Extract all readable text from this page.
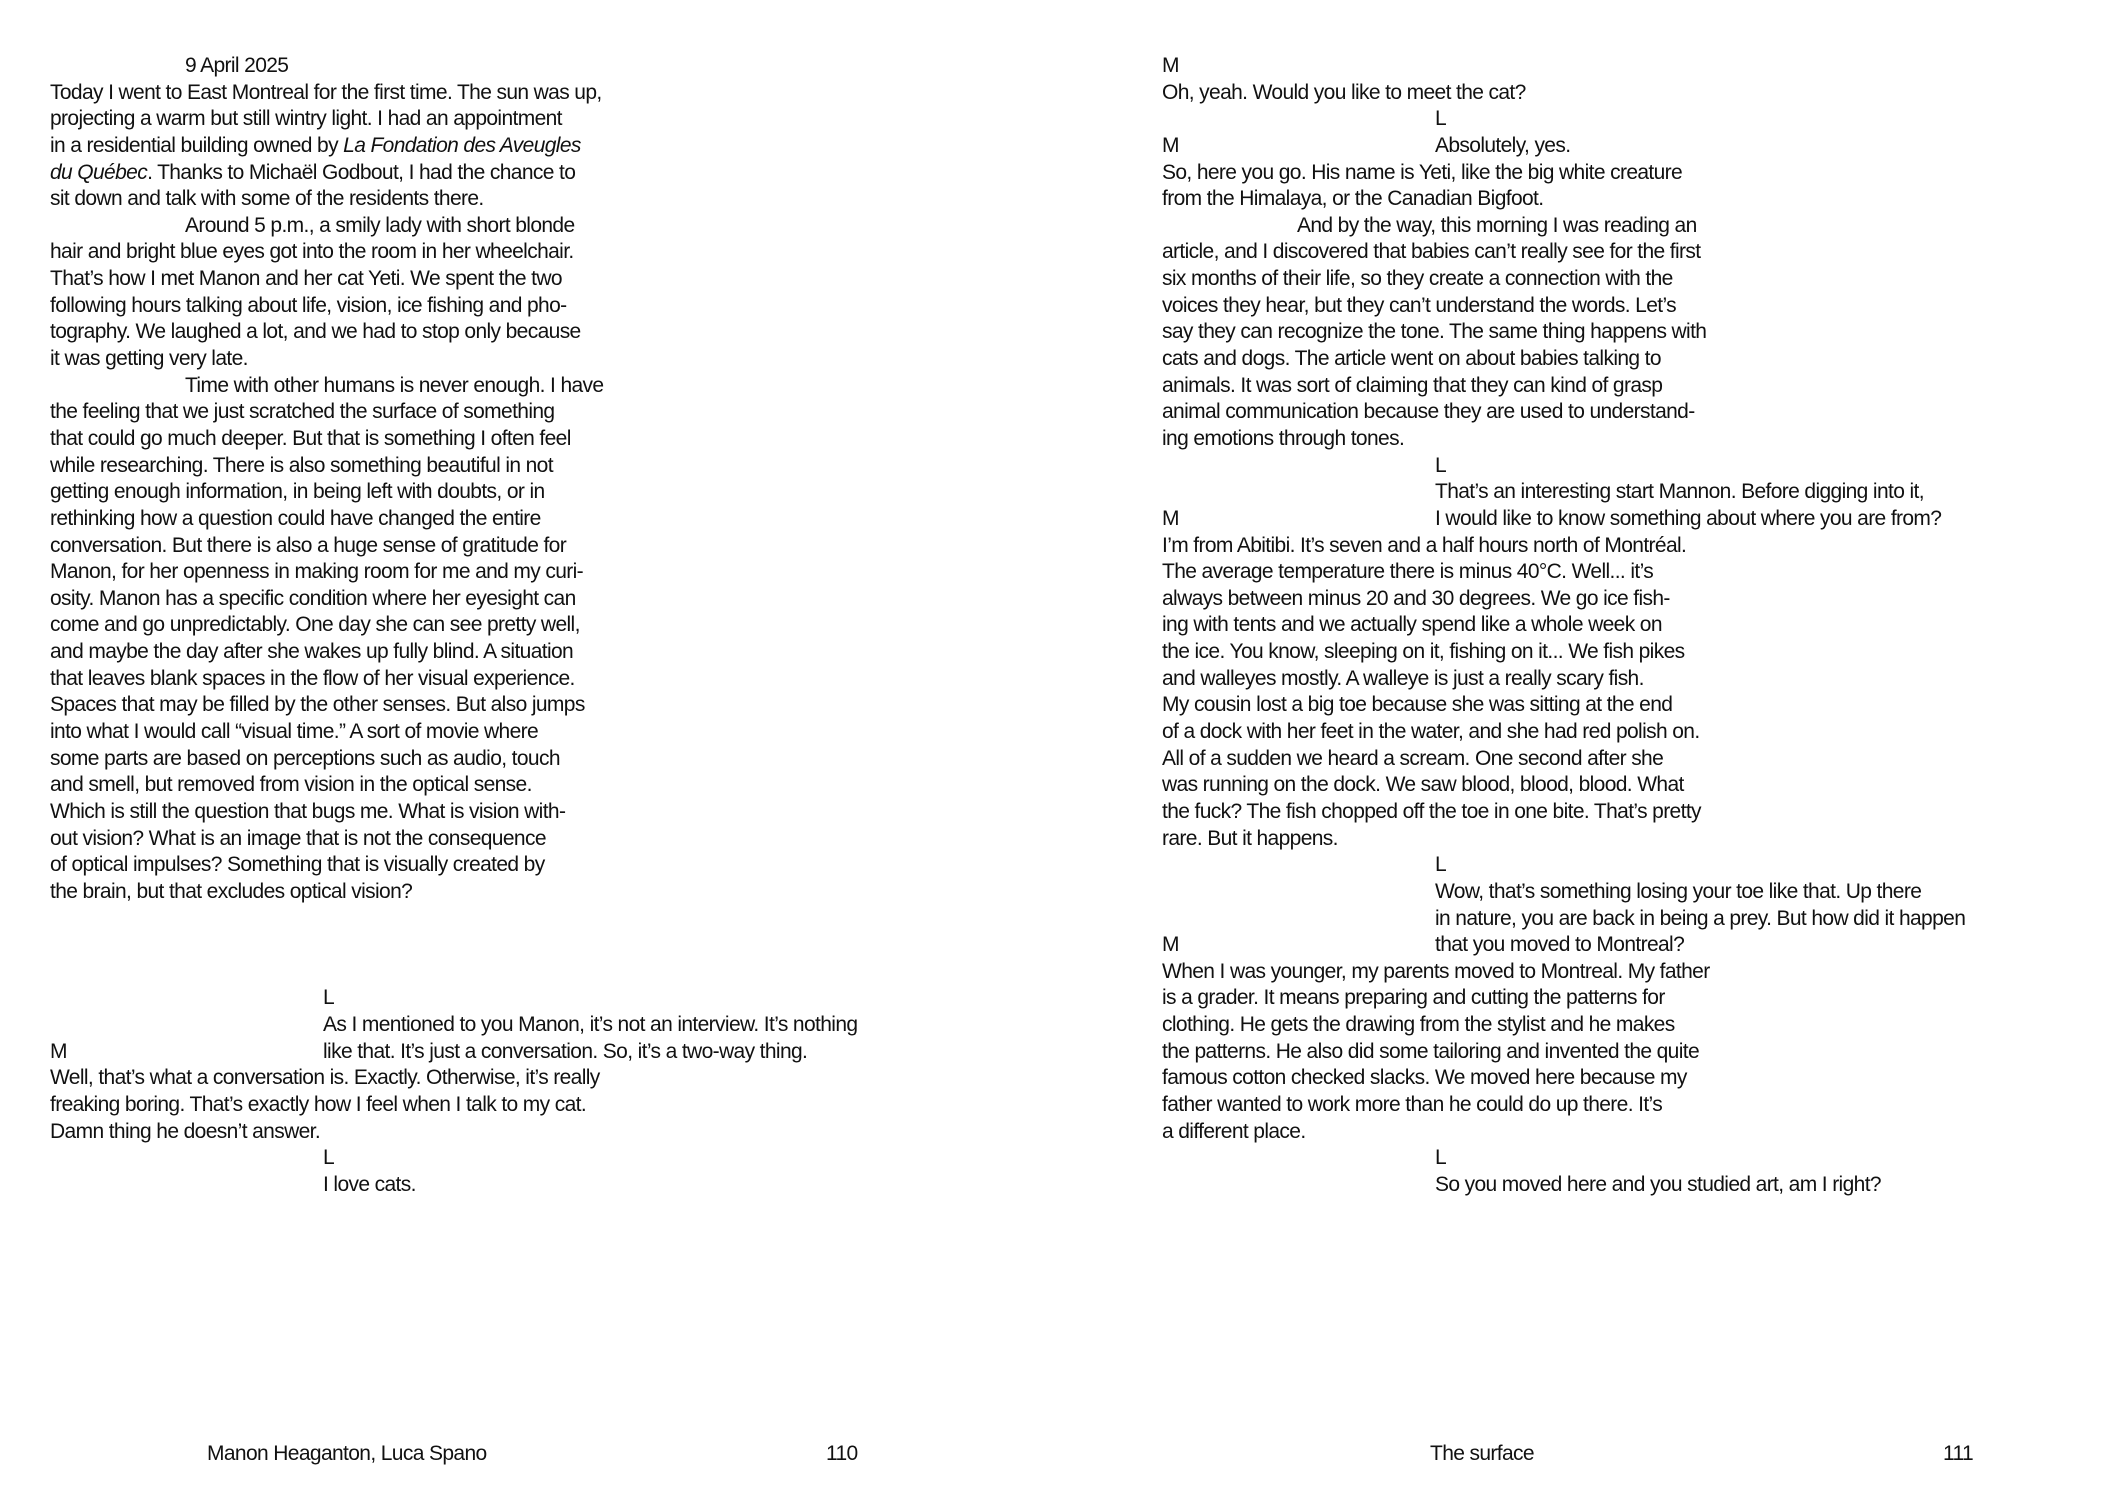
9 April 2025
Today I went to East Montreal for the first time. The sun was up,
projecting a warm but still wintry light. I had an appointment
in a residential building owned by La Fondation des Aveugles
du Québec. Thanks to Michaël Godbout, I had the chance to
sit down and talk with some of the residents there.
Around 5 p.m., a smily lady with short blonde
hair and bright blue eyes got into the room in her wheelchair.
That’s how I met Manon and her cat Yeti. We spent the two
following hours talking about life, vision, ice fishing and pho-
tography. We laughed a lot, and we had to stop only because
it was getting very late.
Time with other humans is never enough. I have
the feeling that we just scratched the surface of something
that could go much deeper. But that is something I often feel
while researching. There is also something beautiful in not
getting enough information, in being left with doubts, or in
rethinking how a question could have changed the entire
conversation. But there is also a huge sense of gratitude for
Manon, for her openness in making room for me and my curi-
osity. Manon has a specific condition where her eyesight can
come and go unpredictably. One day she can see pretty well,
and maybe the day after she wakes up fully blind. A situation
that leaves blank spaces in the flow of her visual experience.
Spaces that may be filled by the other senses. But also jumps
into what I would call “visual time.” A sort of movie where
some parts are based on perceptions such as audio, touch
and smell, but removed from vision in the optical sense.
Which is still the question that bugs me. What is vision with-
out vision? What is an image that is not the consequence
of optical impulses? Something that is visually created by
the brain, but that excludes optical vision?
L
As I mentioned to you Manon, it’s not an interview. It’s nothing
M	like that. It’s just a conversation. So, it’s a two-way thing.
Well, that’s what a conversation is. Exactly. Otherwise, it’s really
freaking boring. That’s exactly how I feel when I talk to my cat.
Damn thing he doesn’t answer.
L
I love cats.
M
Oh, yeah. Would you like to meet the cat?
L
M	Absolutely, yes.
So, here you go. His name is Yeti, like the big white creature
from the Himalaya, or the Canadian Bigfoot.
And by the way, this morning I was reading an
article, and I discovered that babies can’t really see for the first
six months of their life, so they create a connection with the
voices they hear, but they can’t understand the words. Let’s
say they can recognize the tone. The same thing happens with
cats and dogs. The article went on about babies talking to
animals. It was sort of claiming that they can kind of grasp
animal communication because they are used to understand-
ing emotions through tones.
L
That’s an interesting start Mannon. Before digging into it,
M	I would like to know something about where you are from?
I’m from Abitibi. It’s seven and a half hours north of Montréal.
The average temperature there is minus 40°C. Well... it’s
always between minus 20 and 30 degrees. We go ice fish-
ing with tents and we actually spend like a whole week on
the ice. You know, sleeping on it, fishing on it... We fish pikes
and walleyes mostly. A walleye is just a really scary fish.
My cousin lost a big toe because she was sitting at the end
of a dock with her feet in the water, and she had red polish on.
All of a sudden we heard a scream. One second after she
was running on the dock. We saw blood, blood, blood. What
the fuck? The fish chopped off the toe in one bite. That’s pretty
rare. But it happens.
L
Wow, that’s something losing your toe like that. Up there
in nature, you are back in being a prey. But how did it happen
M	that you moved to Montreal?
When I was younger, my parents moved to Montreal. My father
is a grader. It means preparing and cutting the patterns for
clothing. He gets the drawing from the stylist and he makes
the patterns. He also did some tailoring and invented the quite
famous cotton checked slacks. We moved here because my
father wanted to work more than he could do up there. It’s
a different place.
L
So you moved here and you studied art, am I right?
Manon Heaganton, Luca Spano	110	The surface	111
